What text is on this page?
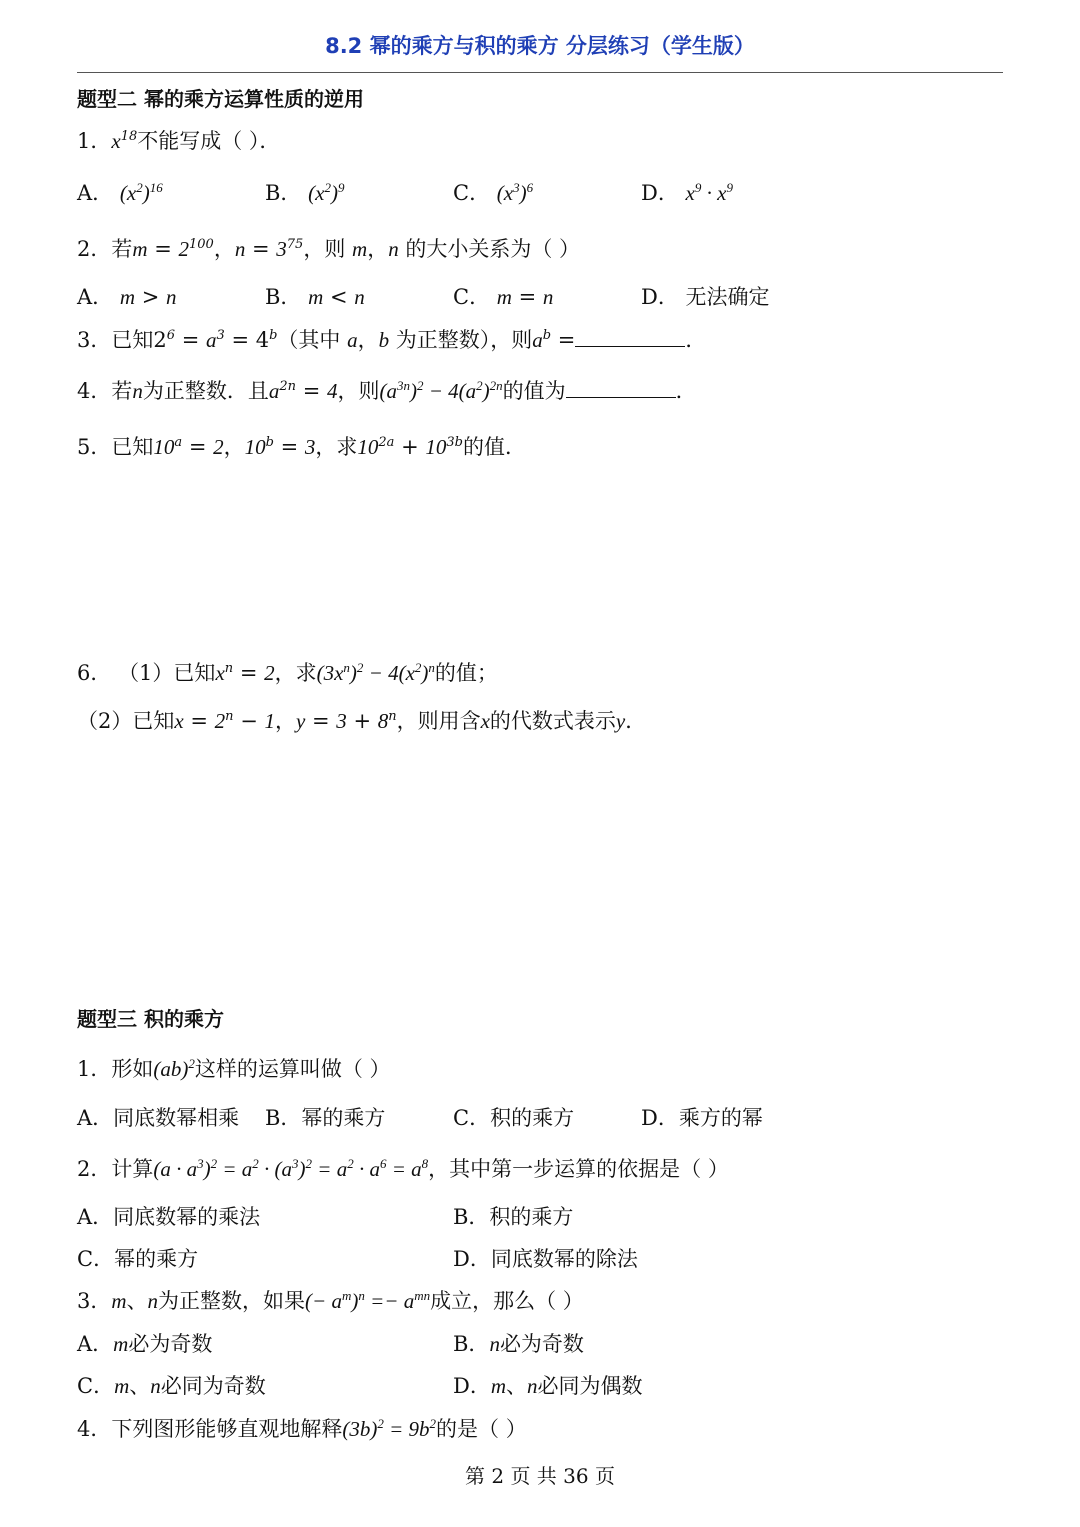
8.2 幂的乘方与积的乘方 分层练习（学生版）
题型二 幂的乘方运算性质的逆用
1．$x^{18}$不能写成（ ）．
A． $(x^2)^{16}$	B． $(x^2)^9$	C． $(x^3)^6$	D． $x^9 \cdot x^9$
2．若$m = 2^{100}$，$n = 3^{75}$，则 m，n 的大小关系为（ ）
A． m > n	B． m < n	C． m = n	D． 无法确定
3．已知$2^6 = a^3 = 4^b$（其中 a，b 为正整数），则$a^b$ =	．
4．若n为正整数．且$a^{2n} = 4$，则$(a^{3n})^2 - 4(a^2)^{2n}$的值为	．
5．已知$10^a = 2$，$10^b = 3$，求$10^{2a} + 10^{3b}$的值．
6． （1）已知$x^n = 2$，求$(3x^n)^2 - 4(x^2)^n$的值；
（2）已知$x = 2^n - 1$，$y = 3 + 8^n$，则用含x的代数式表示y．
题型三 积的乘方
1．形如(ab)$^2$这样的运算叫做（ ）
A．同底数幂相乘 B．幂的乘方	C．积的乘方	D．乘方的幂
2．计算$(a \cdot a^3)^2 = a^2 \cdot (a^3)^2 = a^2 \cdot a^6 = a^8$，其中第一步运算的依据是（ ）
A．同底数幂的乘法	B．积的乘方
C．幂的乘方	D．同底数幂的除法
3．m、n为正整数，如果(− $a^m)^n =- a^{mn}$成立，那么（ ）
A．m必为奇数	B．n必为奇数
C．m、n必同为奇数	D．m、n必同为偶数
4．下列图形能够直观地解释$(3b)^2 = 9b^2$的是（ ）
第 2 页 共 36 页
